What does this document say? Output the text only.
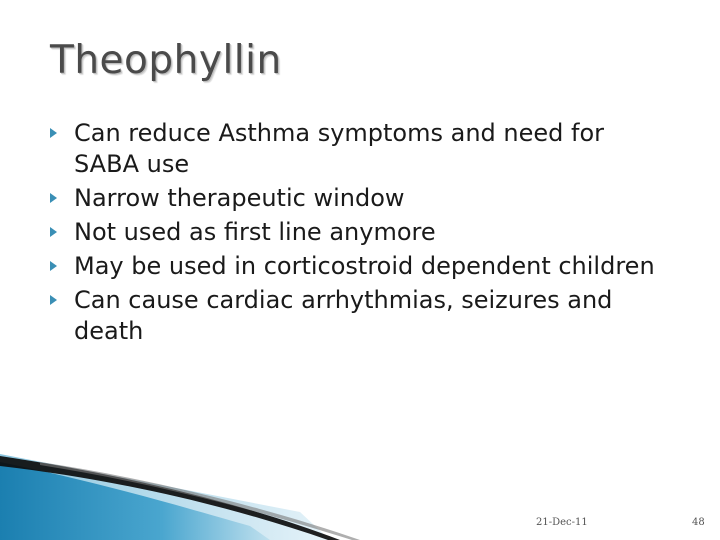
Theophyllin
Can reduce Asthma symptoms and need for SABA use
Narrow therapeutic window
Not used as first line anymore
May be used in corticostroid dependent children
Can cause cardiac arrhythmias, seizures and death
21-Dec-11	48
